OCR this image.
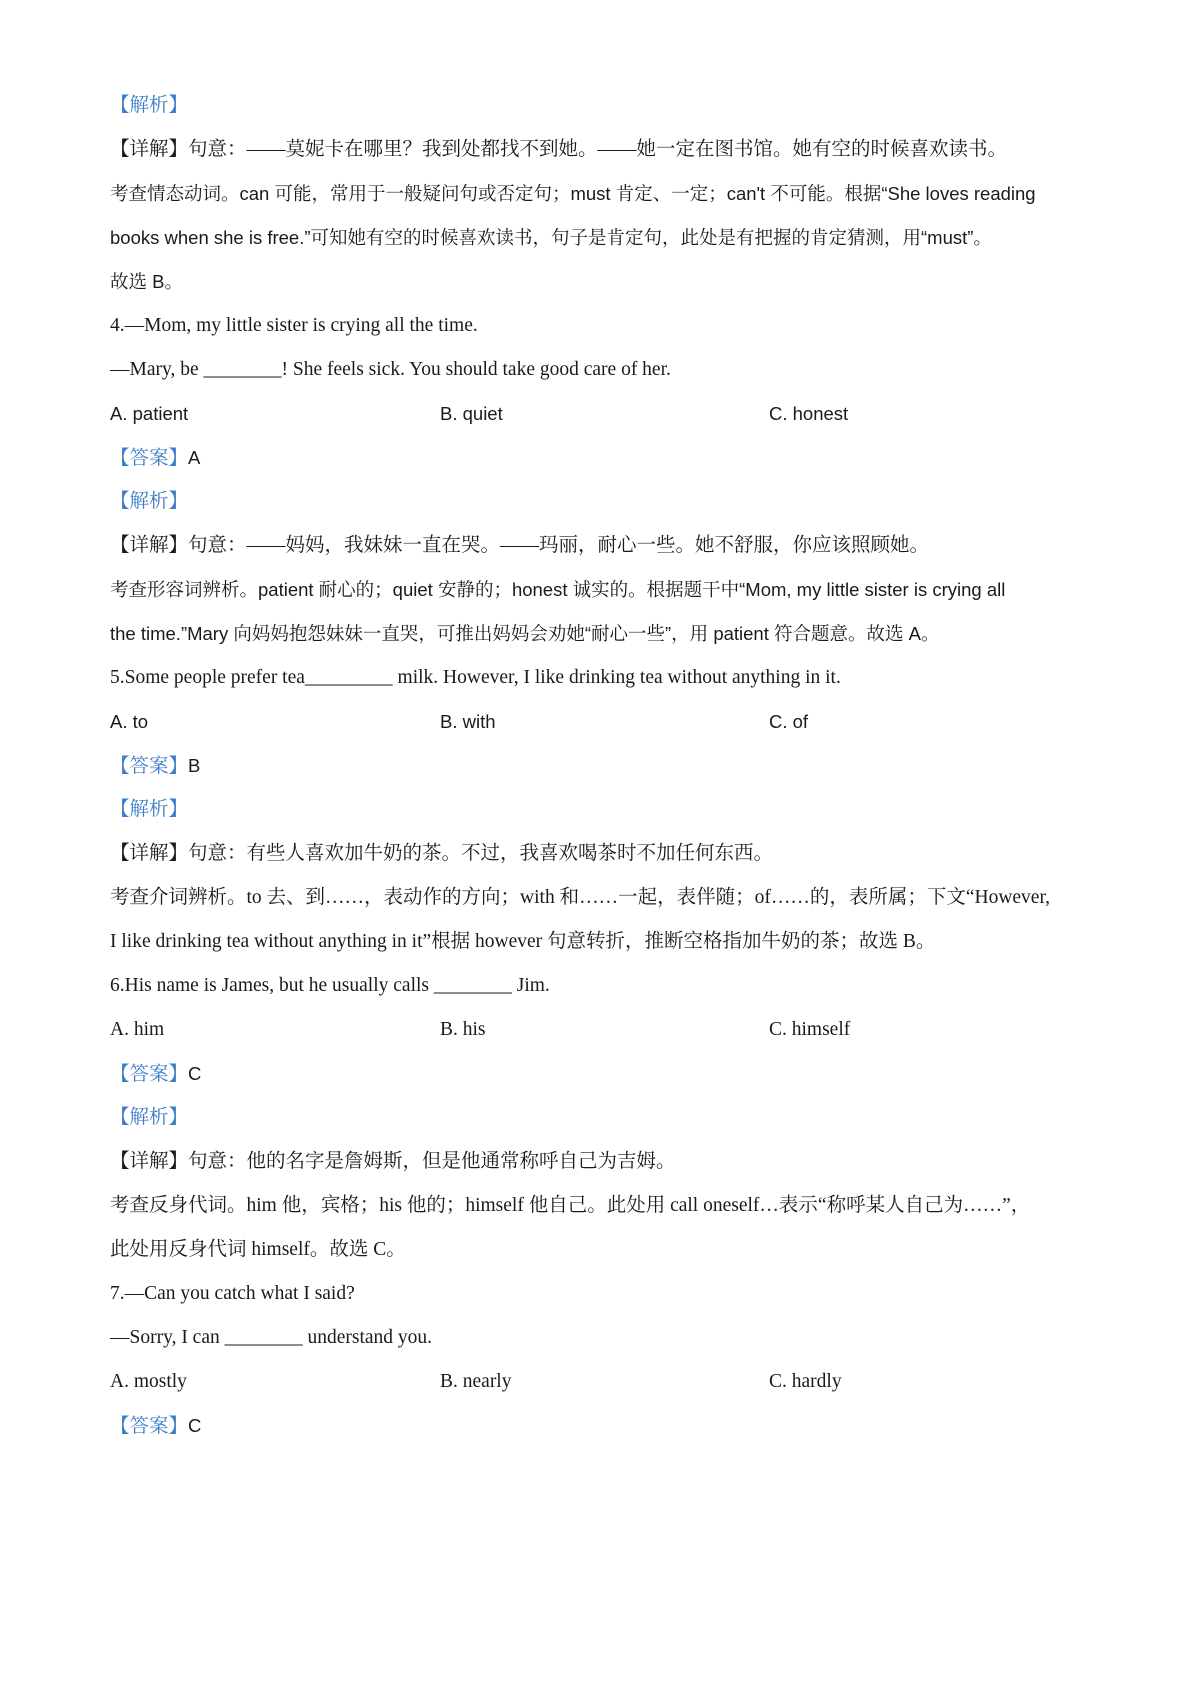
【解析】
【详解】句意：——莫妮卡在哪里？我到处都找不到她。——她一定在图书馆。她有空的时候喜欢读书。
考查情态动词。can 可能，常用于一般疑问句或否定句；must 肯定、一定；can't 不可能。根据“She loves reading
books when she is free.”可知她有空的时候喜欢读书，句子是肯定句，此处是有把握的肯定猜测，用“must”。
故选 B。
4.—Mom, my little sister is crying all the time.
—Mary, be ________! She feels sick. You should take good care of her.
A. patient	B. quiet	C. honest
【答案】A
【解析】
【详解】句意：——妈妈，我妹妹一直在哭。——玛丽，耐心一些。她不舒服，你应该照顾她。
考查形容词辨析。patient 耐心的；quiet 安静的；honest 诚实的。根据题干中“Mom, my little sister is crying all
the time.”Mary 向妈妈抱怨妹妹一直哭，可推出妈妈会劝她“耐心一些”，用 patient 符合题意。故选 A。
5.Some people prefer tea_________ milk. However, I like drinking tea without anything in it.
A. to	B. with	C. of
【答案】B
【解析】
【详解】句意：有些人喜欢加牛奶的茶。不过，我喜欢喝茶时不加任何东西。
考查介词辨析。to 去、到……，表动作的方向；with 和……一起，表伴随；of……的，表所属；下文“However,
I like drinking tea without anything in it”根据 however 句意转折，推断空格指加牛奶的茶；故选 B。
6.His name is James, but he usually calls ________ Jim.
A. him	B. his	C. himself
【答案】C
【解析】
【详解】句意：他的名字是詹姆斯，但是他通常称呼自己为吉姆。
考查反身代词。him 他，宾格；his 他的；himself 他自己。此处用 call oneself…表示“称呼某人自己为……”，
此处用反身代词 himself。故选 C。
7.—Can you catch what I said?
—Sorry, I can ________ understand you.
A. mostly	B. nearly	C. hardly
【答案】C
